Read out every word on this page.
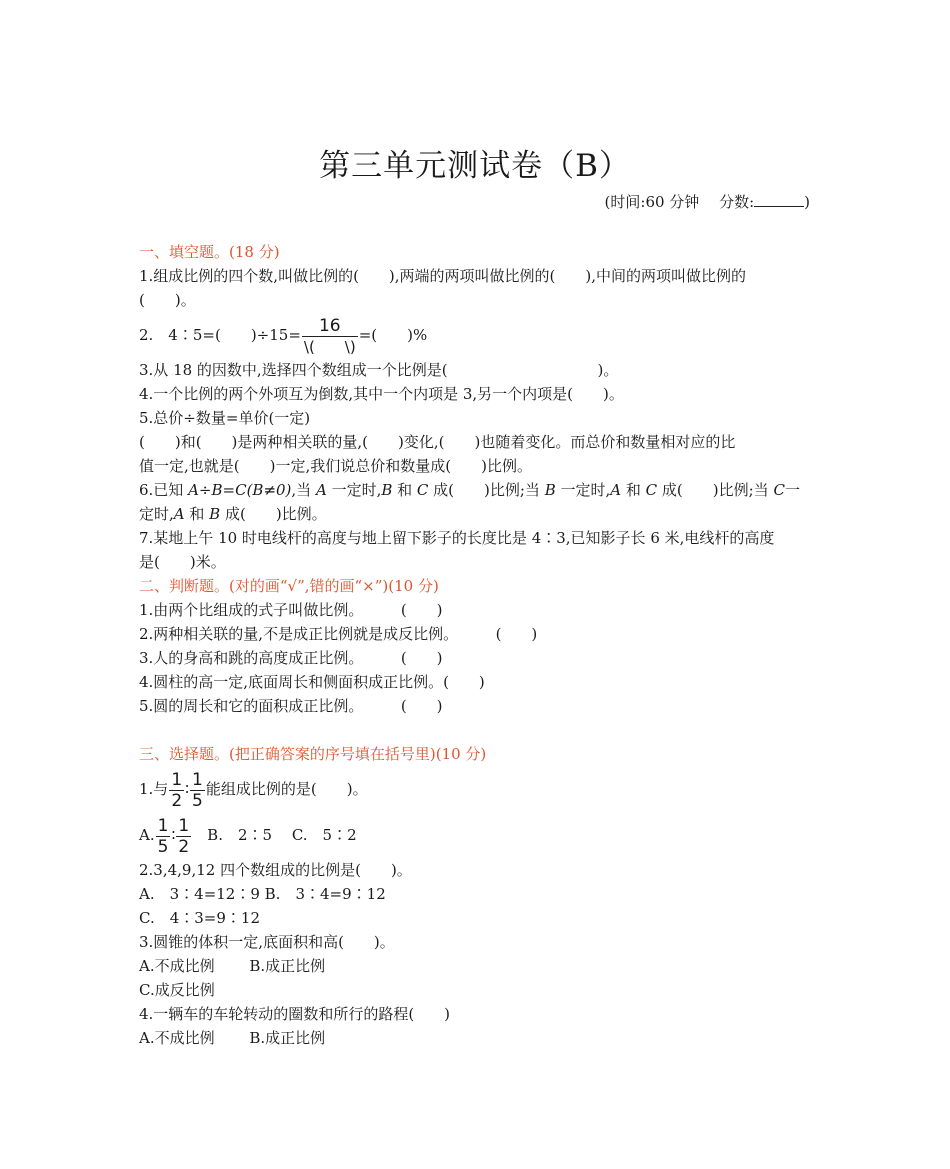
第三单元测试卷（B）
(时间:60 分钟　 分数:	)
一、填空题。(18 分)
1.组成比例的四个数,叫做比例的(　　),两端的两项叫做比例的(　　),中间的两项叫做比例的
(　　)。
2.　4∶5=(　　)$\div 15= \frac{16}{\backslash( \backslash)}$ =(　　)%
3.从 18 的因数中,选择四个数组成一个比例是(　　　　　　　　　　)。
4.一个比例的两个外项互为倒数,其中一个内项是 3,另一个内项是(　　)。
5.总价÷数量=单价(一定)
(　　)和(　　)是两种相关联的量,(　　)变化,(　　)也随着变化。而总价和数量相对应的比
值一定,也就是(　　)一定,我们说总价和数量成(　　)比例。
6.已知 A÷B=C(B≠0),当 A 一定时,B 和 C 成(　　)比例;当 B 一定时,A 和 C 成(　　)比例;当 C一
定时,A 和 B 成(　　)比例。
7.某地上午 10 时电线杆的高度与地上留下影子的长度比是 4∶3,已知影子长 6 米,电线杆的高度
是(　　)米。
二、判断题。(对的画“√”,错的画“×”)(10 分)
1.由两个比组成的式子叫做比例。　　　(　　)
2.两种相关联的量,不是成正比例就是成反比例。　　　(　　)
3.人的身高和跳的高度成正比例。　　　(　　)
4.圆柱的高一定,底面周长和侧面积成正比例。(　　)
5.圆的周长和它的面积成正比例。　　　(　　)
三、选择题。(把正确答案的序号填在括号里)(10 分)
1.与 $\frac{1}{2}$ ∶ $\frac{1}{5}$ 能组成比例的是(　　)。
A. $\frac{1}{5}$ ∶ $\frac{1}{2}$ 　B.　2∶5　 C.　5∶2
2.3,4,9,12 四个数组成的比例是(　　)。
A.　3∶4=12∶9 B.　3∶4=9∶12
C.　4∶3=9∶12
3.圆锥的体积一定,底面积和高(　　)。
A.不成比例　　 B.成正比例
C.成反比例
4.一辆车的车轮转动的圈数和所行的路程(　　)
A.不成比例　　 B.成正比例
